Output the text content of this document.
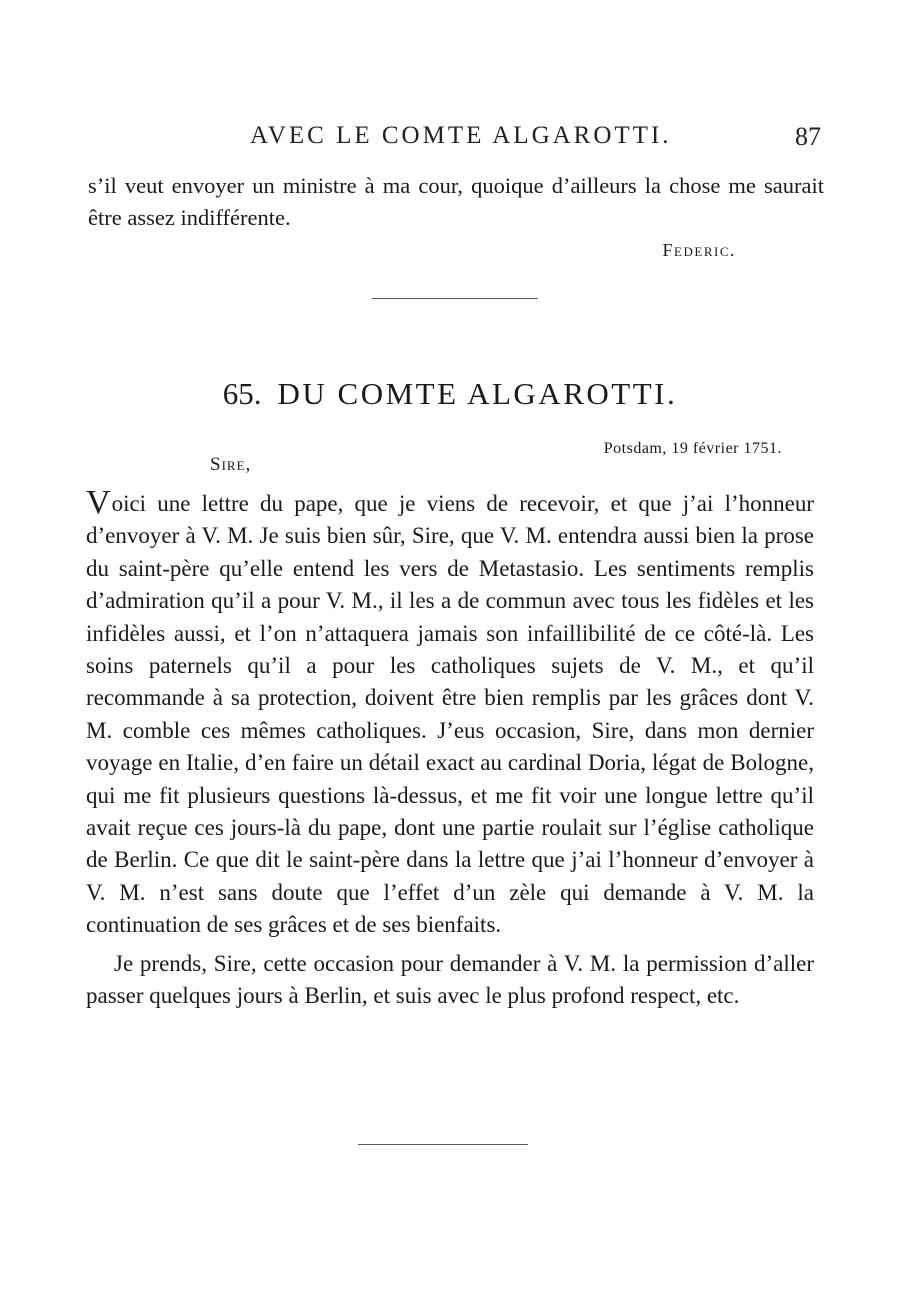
AVEC LE COMTE ALGAROTTI.	87
s’il veut envoyer un ministre à ma cour, quoique d’ailleurs la chose me saurait être assez indifférente.
Federic.
65. DU COMTE ALGAROTTI.
Potsdam, 19 février 1751.
Sire,

Voici une lettre du pape, que je viens de recevoir, et que j’ai l’honneur d’envoyer à V. M. Je suis bien sûr, Sire, que V. M. entendra aussi bien la prose du saint-père qu’elle entend les vers de Metastasio. Les sentiments remplis d’admiration qu’il a pour V. M., il les a de commun avec tous les fidèles et les infidèles aussi, et l’on n’attaquera jamais son infaillibilité de ce côté-là. Les soins paternels qu’il a pour les catholiques sujets de V. M., et qu’il recommande à sa protection, doivent être bien remplis par les grâces dont V. M. comble ces mêmes catholiques. J’eus occasion, Sire, dans mon dernier voyage en Italie, d’en faire un détail exact au cardinal Doria, légat de Bologne, qui me fit plusieurs questions là-dessus, et me fit voir une longue lettre qu’il avait reçue ces jours-là du pape, dont une partie roulait sur l’église catholique de Berlin. Ce que dit le saint-père dans la lettre que j’ai l’honneur d’envoyer à V. M. n’est sans doute que l’effet d’un zèle qui demande à V. M. la continuation de ses grâces et de ses bienfaits.

Je prends, Sire, cette occasion pour demander à V. M. la permission d’aller passer quelques jours à Berlin, et suis avec le plus profond respect, etc.
